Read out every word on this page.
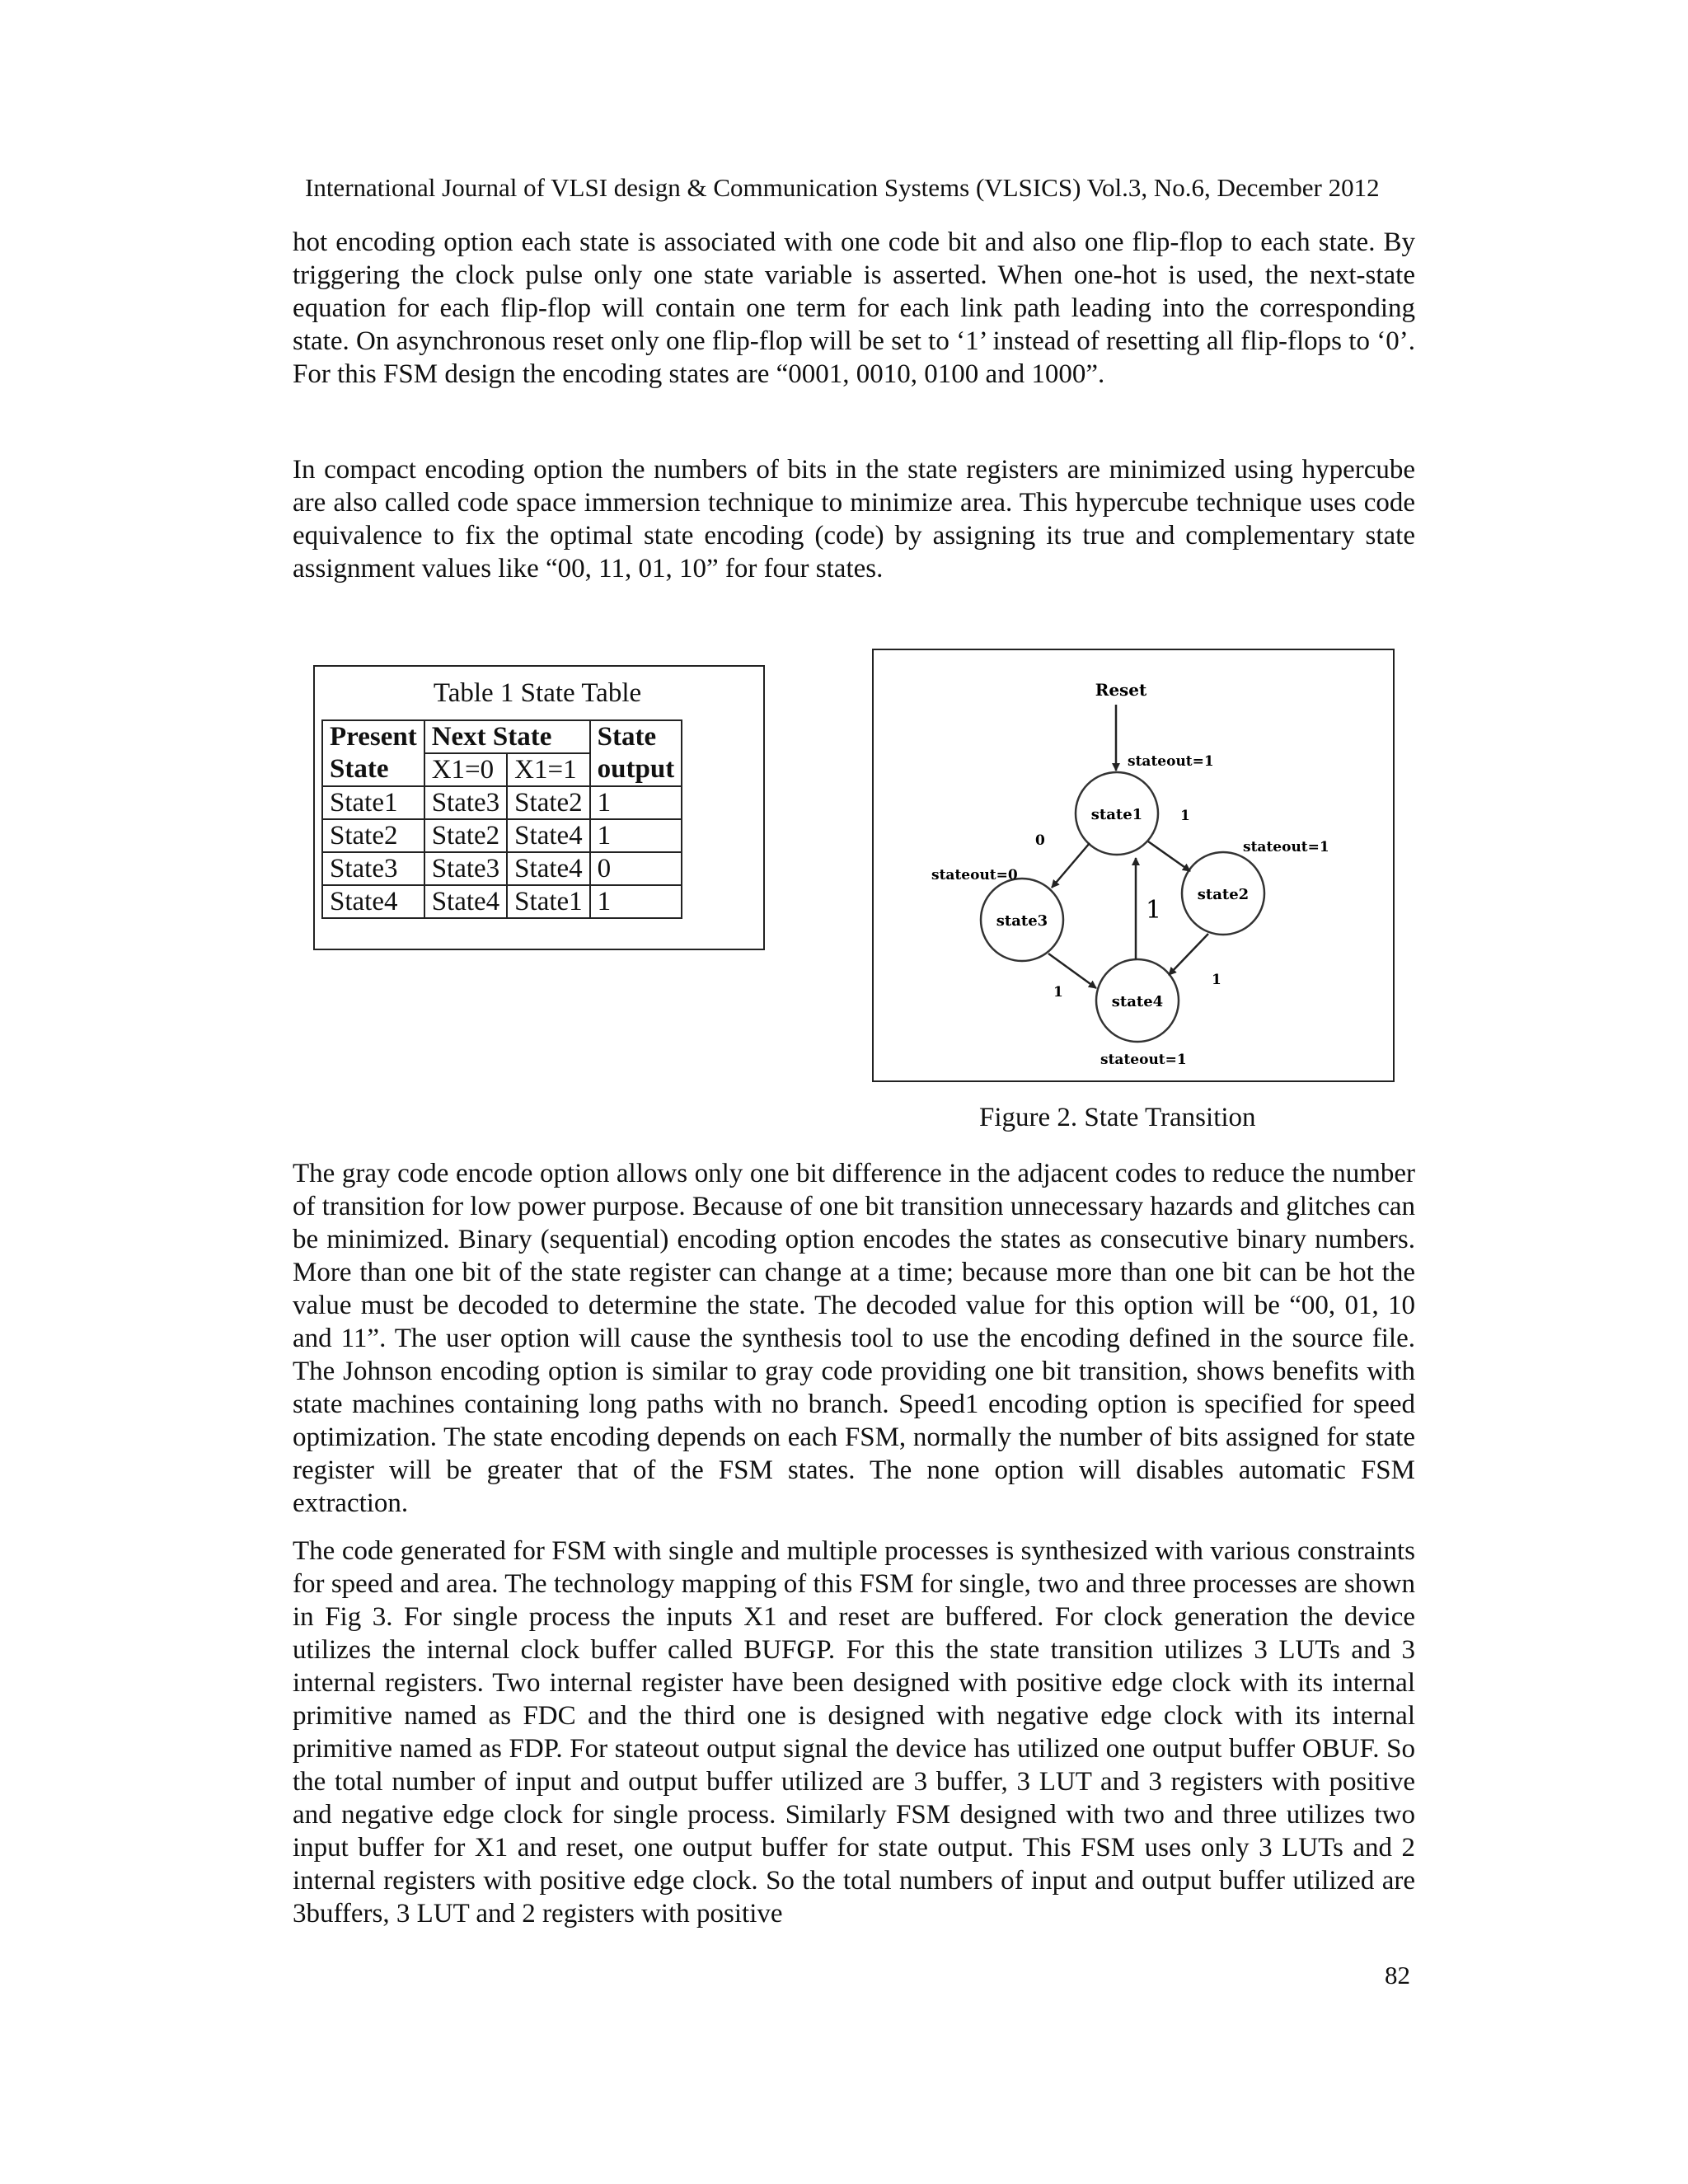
International Journal of VLSI design & Communication Systems (VLSICS) Vol.3, No.6, December 2012

hot encoding option each state is associated with one code bit and also one flip-flop to each state. By triggering the clock pulse only one state variable is asserted. When one-hot is used, the next-state equation for each flip-flop will contain one term for each link path leading into the corresponding state. On asynchronous reset only one flip-flop will be set to ‘1’ instead of resetting all flip-flops to ‘0’. For this FSM design the encoding states are “0001, 0010, 0100 and 1000”.

In compact encoding option the numbers of bits in the state registers are minimized using hypercube are also called code space immersion technique to minimize area. This hypercube technique uses code equivalence to fix the optimal state encoding (code) by assigning its true and complementary state assignment values like “00, 11, 01, 10” for four states.

Table 1 State Table
Present	Next State		State
State	X1=0	X1=1	output
State1	State3	State2	1
State2	State2	State4	1
State3	State3	State4	0
State4	State4	State1	1
Reset
stateout=1
state1
state2
stateout=1
state3
stateout=0
state4
stateout=1
0
1
1
1
1
Figure 2. State Transition

The gray code encode option allows only one bit difference in the adjacent codes to reduce the number of transition for low power purpose. Because of one bit transition unnecessary hazards and glitches can be minimized. Binary (sequential) encoding option encodes the states as consecutive binary numbers. More than one bit of the state register can change at a time; because more than one bit can be hot the value must be decoded to determine the state. The decoded value for this option will be “00, 01, 10 and 11”. The user option will cause the synthesis tool to use the encoding defined in the source file. The Johnson encoding option is similar to gray code providing one bit transition, shows benefits with state machines containing long paths with no branch. Speed1 encoding option is specified for speed optimization. The state encoding depends on each FSM, normally the number of bits assigned for state register will be greater that of the FSM states. The none option will disables automatic FSM extraction.

The code generated for FSM with single and multiple processes is synthesized with various constraints for speed and area. The technology mapping of this FSM for single, two and three processes are shown in Fig 3. For single process the inputs X1 and reset are buffered. For clock generation the device utilizes the internal clock buffer called BUFGP. For this the state transition utilizes 3 LUTs and 3 internal registers. Two internal register have been designed with positive edge clock with its internal primitive named as FDC and the third one is designed with negative edge clock with its internal primitive named as FDP. For stateout output signal the device has utilized one output buffer OBUF. So the total number of input and output buffer utilized are 3 buffer, 3 LUT and 3 registers with positive and negative edge clock for single process. Similarly FSM designed with two and three utilizes two input buffer for X1 and reset, one output buffer for state output. This FSM uses only 3 LUTs and 2 internal registers with positive edge clock. So the total numbers of input and output buffer utilized are 3buffers, 3 LUT and 2 registers with positive

82
